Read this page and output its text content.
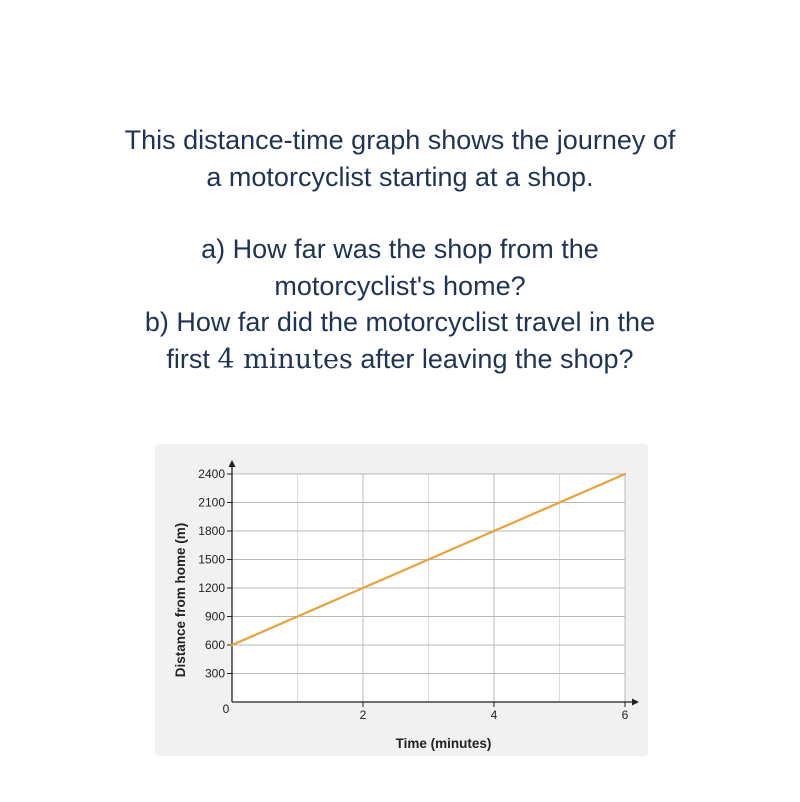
This distance-time graph shows the journey of

a motorcyclist starting at a shop.

a) How far was the shop from the

motorcyclist's home?

b) How far did the motorcyclist travel in the

first 4 minutes after leaving the shop?

300
600
900
1200
1500
1800
2100
2400
0	2	4	6
Time (minutes)
Distance from home (m)
